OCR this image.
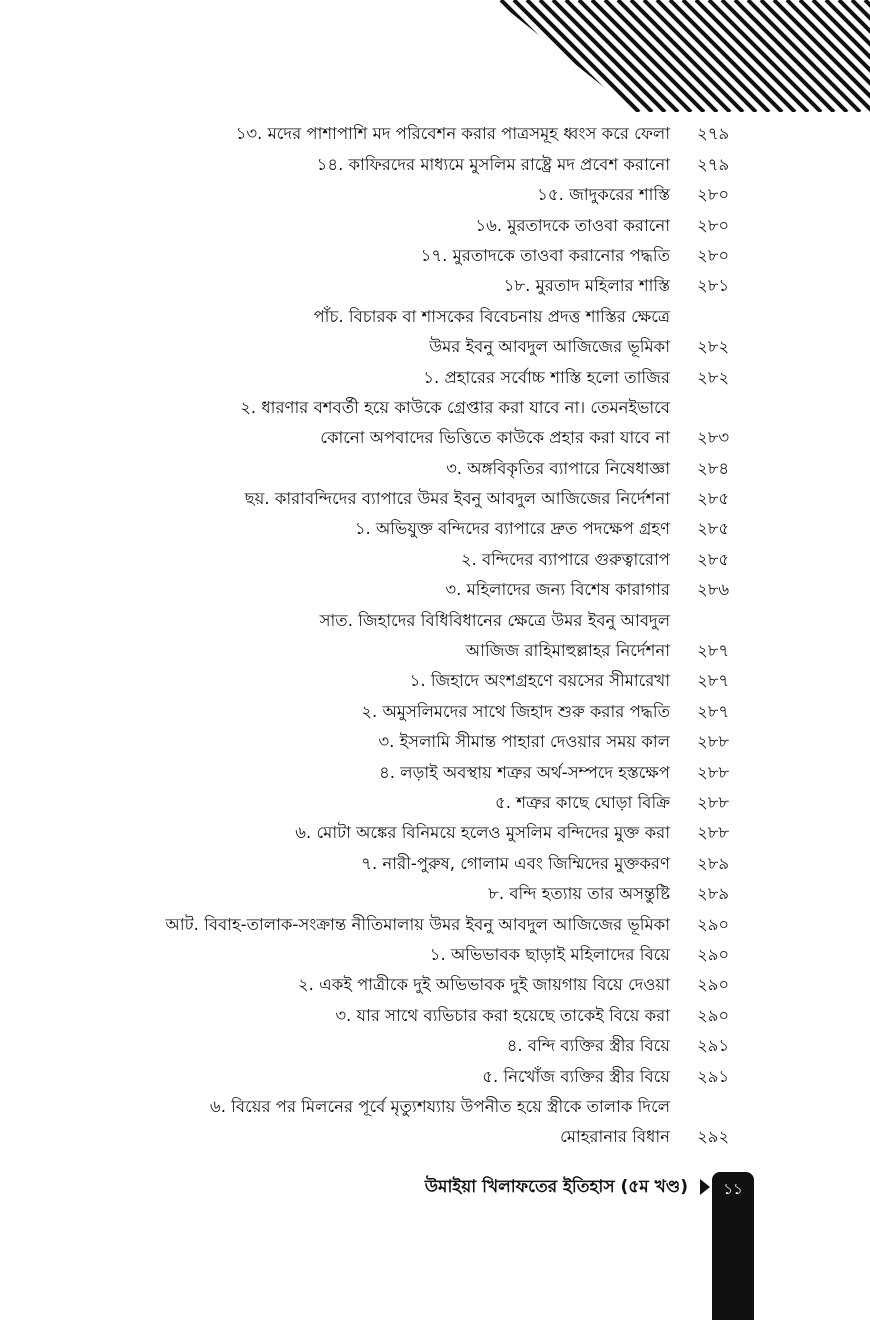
১৩. মদের পাশাপাশি মদ পরিবেশন করার পাত্রসমূহ ধ্বংস করে ফেলা ২৭৯
১৪. কাফিরদের মাধ্যমে মুসলিম রাষ্ট্রে মদ প্রবেশ করানো ২৭৯
১৫. জাদুকরের শাস্তি ২৮০
১৬. মুরতাদকে তাওবা করানো ২৮০
১৭. মুরতাদকে তাওবা করানোর পদ্ধতি ২৮০
১৮. মুরতাদ মহিলার শাস্তি ২৮১
পাঁচ. বিচারক বা শাসকের বিবেচনায় প্রদত্ত শাস্তির ক্ষেত্রে
উমর ইবনু আবদুল আজিজের ভূমিকা ২৮২
১. প্রহারের সর্বোচ্চ শাস্তি হলো তাজির ২৮২
২. ধারণার বশবর্তী হয়ে কাউকে গ্রেপ্তার করা যাবে না। তেমনইভাবে
কোনো অপবাদের ভিত্তিতে কাউকে প্রহার করা যাবে না ২৮৩
৩. অঙ্গবিকৃতির ব্যাপারে নিষেধাজ্ঞা ২৮৪
ছয়. কারাবন্দিদের ব্যাপারে উমর ইবনু আবদুল আজিজের নির্দেশনা ২৮৫
১. অভিযুক্ত বন্দিদের ব্যাপারে দ্রুত পদক্ষেপ গ্রহণ ২৮৫
২. বন্দিদের ব্যাপারে গুরুত্বারোপ ২৮৫
৩. মহিলাদের জন্য বিশেষ কারাগার ২৮৬
সাত. জিহাদের বিধিবিধানের ক্ষেত্রে উমর ইবনু আবদুল
আজিজ রাহিমাহুল্লাহর নির্দেশনা ২৮৭
১. জিহাদে অংশগ্রহণে বয়সের সীমারেখা ২৮৭
২. অমুসলিমদের সাথে জিহাদ শুরু করার পদ্ধতি ২৮৭
৩. ইসলামি সীমান্ত পাহারা দেওয়ার সময় কাল ২৮৮
৪. লড়াই অবস্থায় শত্রুর অর্থ-সম্পদে হস্তক্ষেপ ২৮৮
৫. শত্রুর কাছে ঘোড়া বিক্রি ২৮৮
৬. মোটা অঙ্কের বিনিময়ে হলেও মুসলিম বন্দিদের মুক্ত করা ২৮৮
৭. নারী-পুরুষ, গোলাম এবং জিম্মিদের মুক্তকরণ ২৮৯
৮. বন্দি হত্যায় তার অসন্তুষ্টি ২৮৯
আট. বিবাহ-তালাক-সংক্রান্ত নীতিমালায় উমর ইবনু আবদুল আজিজের ভূমিকা ২৯০
১. অভিভাবক ছাড়াই মহিলাদের বিয়ে ২৯০
২. একই পাত্রীকে দুই অভিভাবক দুই জায়গায় বিয়ে দেওয়া ২৯০
৩. যার সাথে ব্যভিচার করা হয়েছে তাকেই বিয়ে করা ২৯০
৪. বন্দি ব্যক্তির স্ত্রীর বিয়ে ২৯১
৫. নিখোঁজ ব্যক্তির স্ত্রীর বিয়ে ২৯১
৬. বিয়ের পর মিলনের পূর্বে মৃত্যুশয্যায় উপনীত হয়ে স্ত্রীকে তালাক দিলে
মোহরানার বিধান ২৯২
উমাইয়া খিলাফতের ইতিহাস (৫ম খণ্ড)	১১
